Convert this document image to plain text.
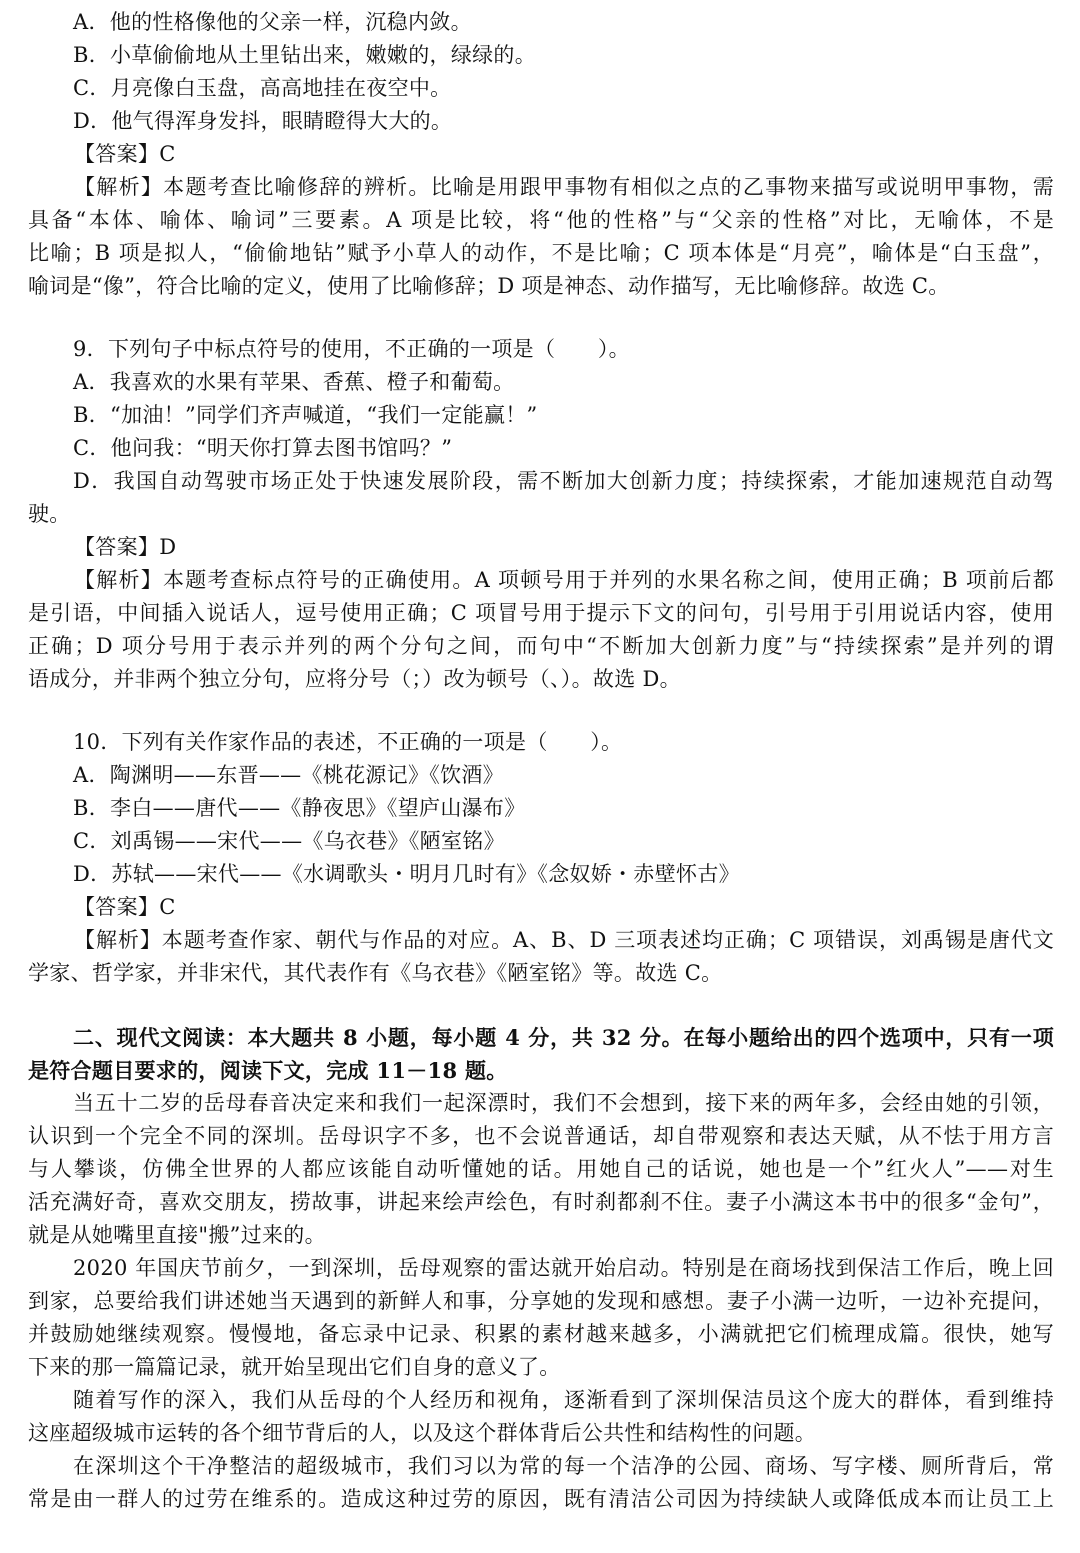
A．他的性格像他的父亲一样，沉稳内敛。
B．小草偷偷地从土里钻出来，嫩嫩的，绿绿的。
C．月亮像白玉盘，高高地挂在夜空中。
D．他气得浑身发抖，眼睛瞪得大大的。
【答案】C
【解析】本题考查比喻修辞的辨析。比喻是用跟甲事物有相似之点的乙事物来描写或说明甲事物，需
具备“本体、喻体、喻词”三要素。A 项是比较，将“他的性格”与“父亲的性格”对比，无喻体，不是
比喻；B 项是拟人，“偷偷地钻”赋予小草人的动作，不是比喻；C 项本体是“月亮”，喻体是“白玉盘”，
喻词是“像”，符合比喻的定义，使用了比喻修辞；D 项是神态、动作描写，无比喻修辞。故选 C。
9．下列句子中标点符号的使用，不正确的一项是（　　）。
A．我喜欢的水果有苹果、香蕉、橙子和葡萄。
B．“加油！”同学们齐声喊道，“我们一定能赢！”
C．他问我：“明天你打算去图书馆吗？”
D．我国自动驾驶市场正处于快速发展阶段，需不断加大创新力度；持续探索，才能加速规范自动驾
驶。
【答案】D
【解析】本题考查标点符号的正确使用。A 项顿号用于并列的水果名称之间，使用正确；B 项前后都
是引语，中间插入说话人，逗号使用正确；C 项冒号用于提示下文的问句，引号用于引用说话内容，使用
正确；D 项分号用于表示并列的两个分句之间，而句中“不断加大创新力度”与“持续探索”是并列的谓
语成分，并非两个独立分句，应将分号（；）改为顿号（、）。故选 D。
10．下列有关作家作品的表述，不正确的一项是（　　）。
A．陶渊明——东晋——《桃花源记》《饮酒》
B．李白——唐代——《静夜思》《望庐山瀑布》
C．刘禹锡——宋代——《乌衣巷》《陋室铭》
D．苏轼——宋代——《水调歌头・明月几时有》《念奴娇・赤壁怀古》
【答案】C
【解析】本题考查作家、朝代与作品的对应。A、B、D 三项表述均正确；C 项错误，刘禹锡是唐代文
学家、哲学家，并非宋代，其代表作有《乌衣巷》《陋室铭》等。故选 C。
二、现代文阅读：本大题共 8 小题，每小题 4 分，共 32 分。在每小题给出的四个选项中，只有一项
是符合题目要求的，阅读下文，完成 11－18 题。
当五十二岁的岳母春音决定来和我们一起深漂时，我们不会想到，接下来的两年多，会经由她的引领，
认识到一个完全不同的深圳。岳母识字不多，也不会说普通话，却自带观察和表达天赋，从不怯于用方言
与人攀谈，仿佛全世界的人都应该能自动听懂她的话。用她自己的话说，她也是一个”红火人”——对生
活充满好奇，喜欢交朋友，捞故事，讲起来绘声绘色，有时刹都刹不住。妻子小满这本书中的很多“金句”，
就是从她嘴里直接"搬”过来的。
2020 年国庆节前夕，一到深圳，岳母观察的雷达就开始启动。特别是在商场找到保洁工作后，晚上回
到家，总要给我们讲述她当天遇到的新鲜人和事，分享她的发现和感想。妻子小满一边听，一边补充提问，
并鼓励她继续观察。慢慢地，备忘录中记录、积累的素材越来越多，小满就把它们梳理成篇。很快，她写
下来的那一篇篇记录，就开始呈现出它们自身的意义了。
随着写作的深入，我们从岳母的个人经历和视角，逐渐看到了深圳保洁员这个庞大的群体，看到维持
这座超级城市运转的各个细节背后的人，以及这个群体背后公共性和结构性的问题。
在深圳这个干净整洁的超级城市，我们习以为常的每一个洁净的公园、商场、写字楼、厕所背后，常
常是由一群人的过劳在维系的。造成这种过劳的原因，既有清洁公司因为持续缺人或降低成本而让员工上
